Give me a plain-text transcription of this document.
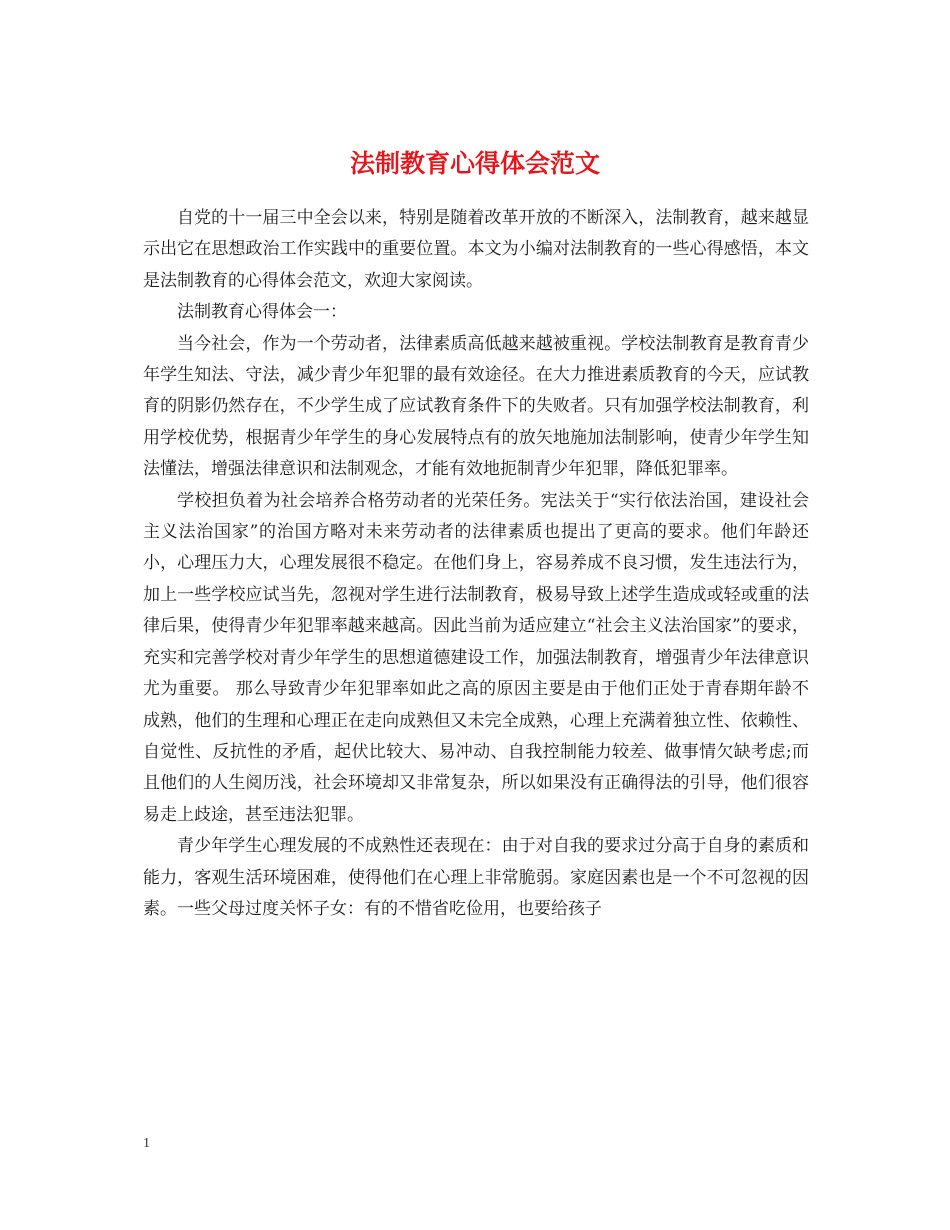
法制教育心得体会范文

自党的十一届三中全会以来，特别是随着改革开放的不断深入，法制教育，越来越显示出它在思想政治工作实践中的重要位置。本文为小编对法制教育的一些心得感悟，本文是法制教育的心得体会范文，欢迎大家阅读。

法制教育心得体会一：

当今社会，作为一个劳动者，法律素质高低越来越被重视。学校法制教育是教育青少年学生知法、守法，减少青少年犯罪的最有效途径。在大力推进素质教育的今天，应试教育的阴影仍然存在，不少学生成了应试教育条件下的失败者。只有加强学校法制教育，利用学校优势，根据青少年学生的身心发展特点有的放矢地施加法制影响，使青少年学生知法懂法，增强法律意识和法制观念，才能有效地扼制青少年犯罪，降低犯罪率。

学校担负着为社会培养合格劳动者的光荣任务。宪法关于“实行依法治国，建设社会主义法治国家”的治国方略对未来劳动者的法律素质也提出了更高的要求。他们年龄还小，心理压力大，心理发展很不稳定。在他们身上，容易养成不良习惯，发生违法行为，加上一些学校应试当先，忽视对学生进行法制教育，极易导致上述学生造成或轻或重的法律后果，使得青少年犯罪率越来越高。因此当前为适应建立“社会主义法治国家”的要求，充实和完善学校对青少年学生的思想道德建设工作，加强法制教育，增强青少年法律意识尤为重要。 那么导致青少年犯罪率如此之高的原因主要是由于他们正处于青春期年龄不成熟，他们的生理和心理正在走向成熟但又未完全成熟，心理上充满着独立性、依赖性、自觉性、反抗性的矛盾，起伏比较大、易冲动、自我控制能力较差、做事情欠缺考虑;而且他们的人生阅历浅，社会环境却又非常复杂，所以如果没有正确得法的引导，他们很容易走上歧途，甚至违法犯罪。

青少年学生心理发展的不成熟性还表现在：由于对自我的要求过分高于自身的素质和能力，客观生活环境困难，使得他们在心理上非常脆弱。家庭因素也是一个不可忽视的因素。一些父母过度关怀子女：有的不惜省吃俭用，也要给孩子

1
